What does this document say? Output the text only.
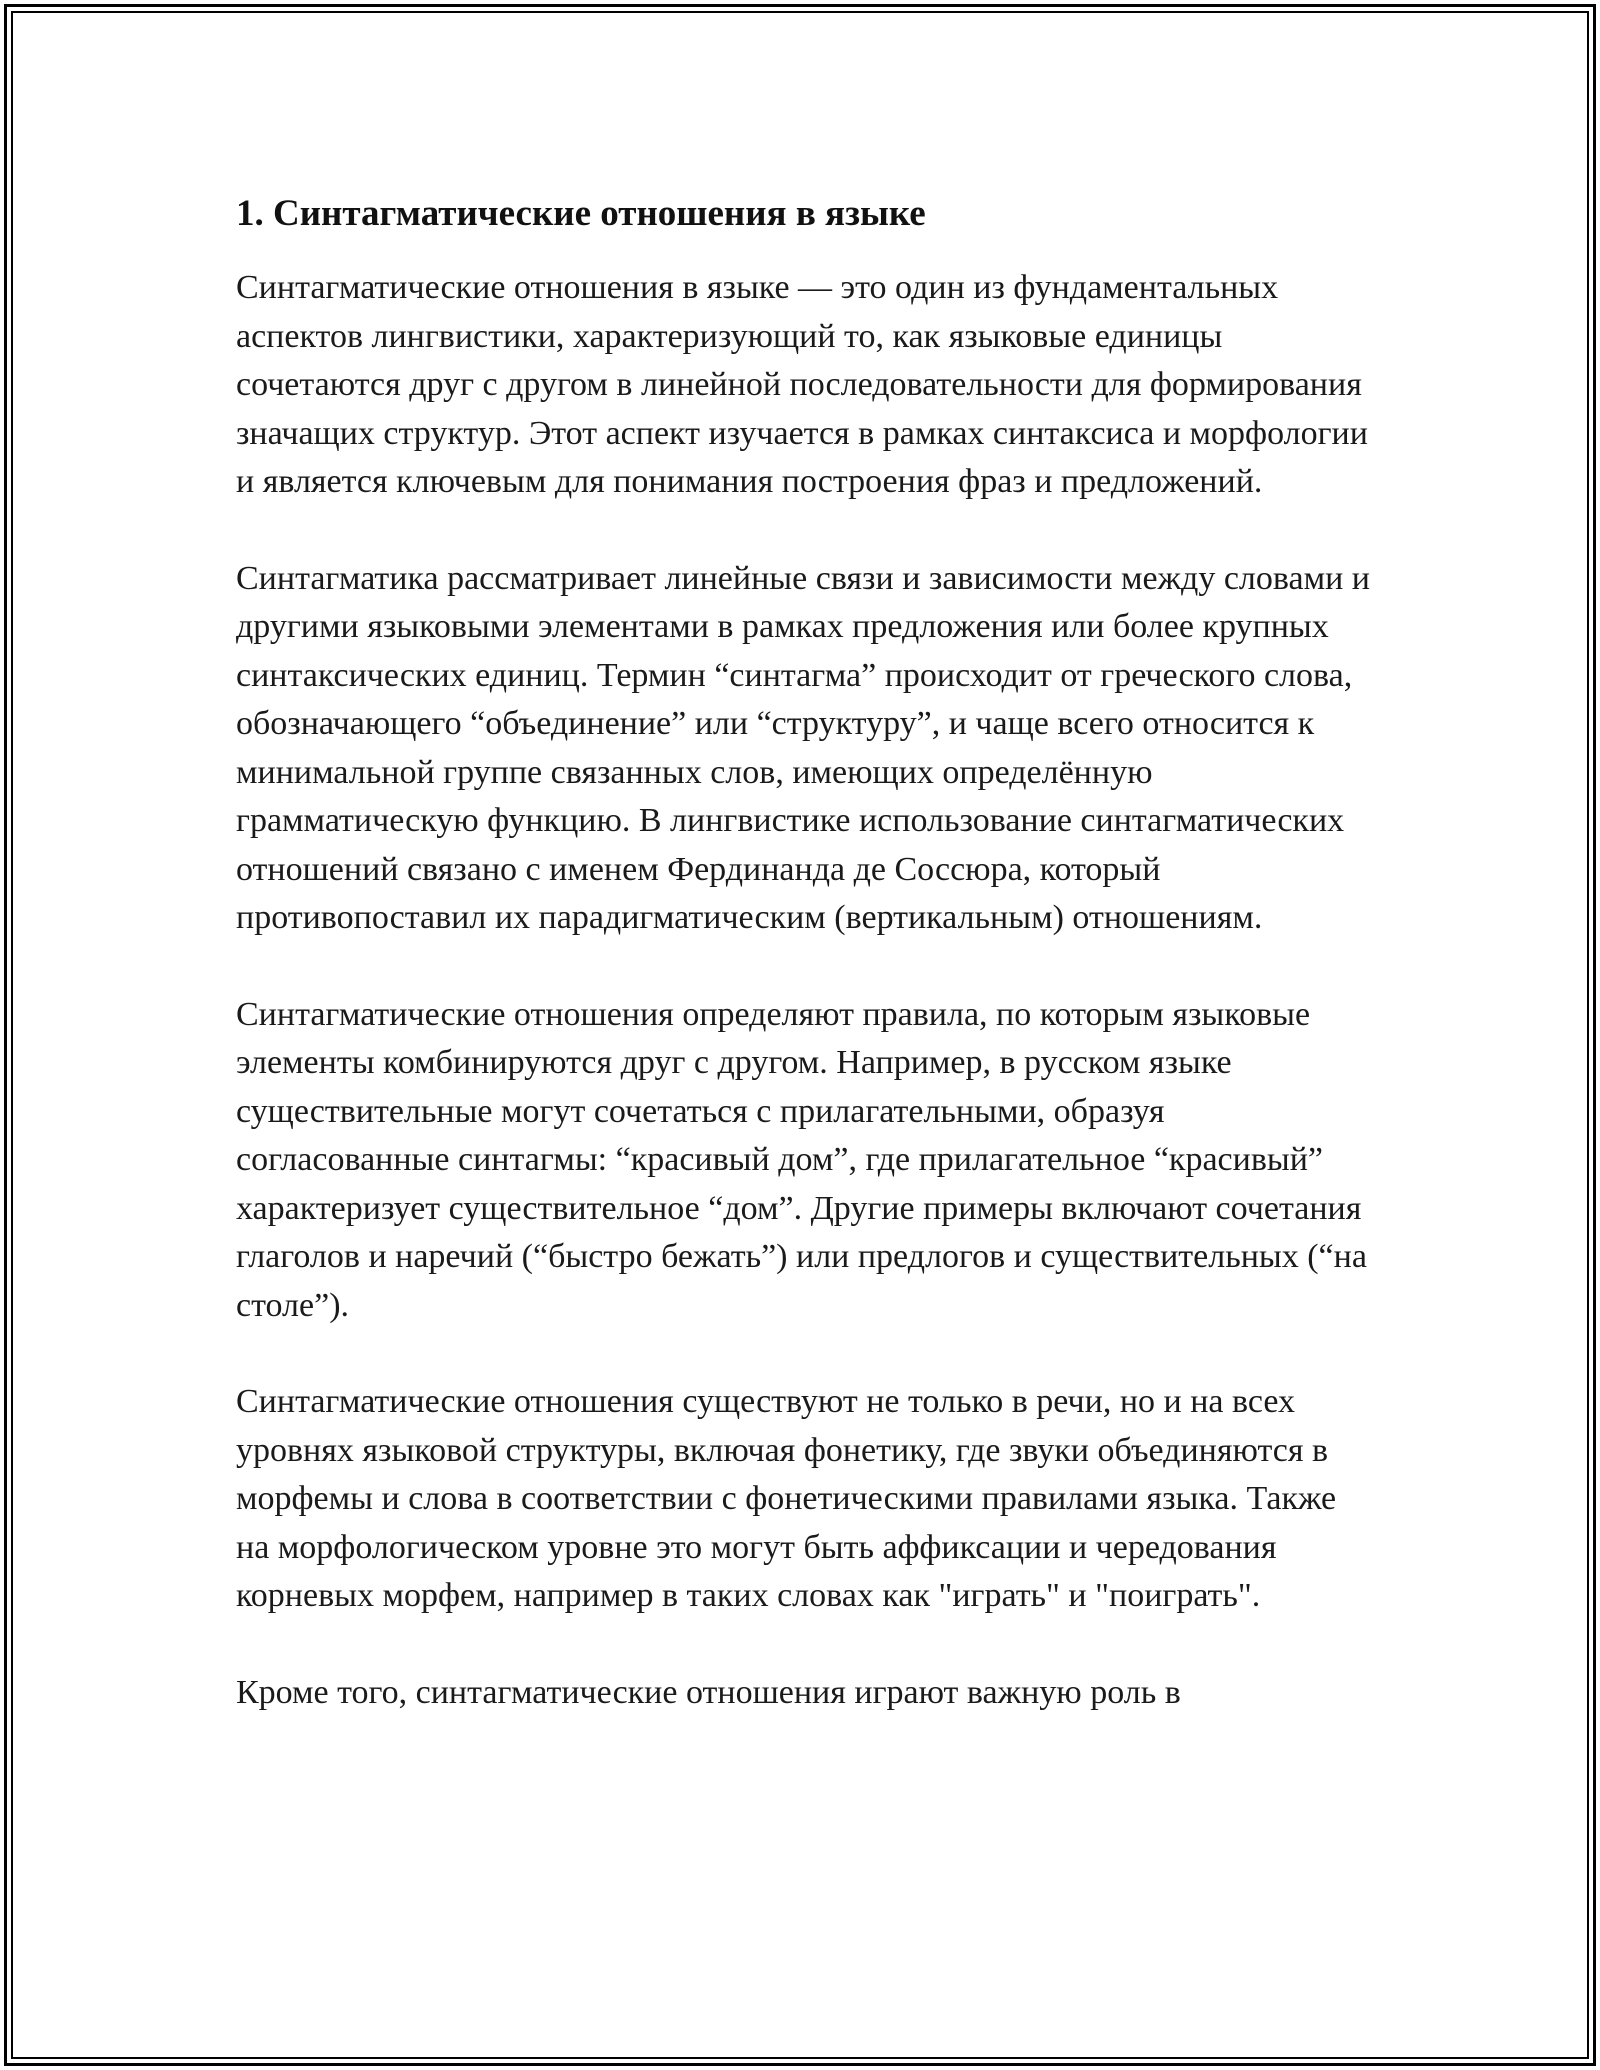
1. Синтагматические отношения в языке

Синтагматические отношения в языке — это один из фундаментальных аспектов лингвистики, характеризующий то, как языковые единицы сочетаются друг с другом в линейной последовательности для формирования значащих структур. Этот аспект изучается в рамках синтаксиса и морфологии и является ключевым для понимания построения фраз и предложений.

Синтагматика рассматривает линейные связи и зависимости между словами и другими языковыми элементами в рамках предложения или более крупных синтаксических единиц. Термин “синтагма” происходит от греческого слова, обозначающего “объединение” или “структуру”, и чаще всего относится к минимальной группе связанных слов, имеющих определённую грамматическую функцию. В лингвистике использование синтагматических отношений связано с именем Фердинанда де Соссюра, который противопоставил их парадигматическим (вертикальным) отношениям.

Синтагматические отношения определяют правила, по которым языковые элементы комбинируются друг с другом. Например, в русском языке существительные могут сочетаться с прилагательными, образуя согласованные синтагмы: “красивый дом”, где прилагательное “красивый” характеризует существительное “дом”. Другие примеры включают сочетания глаголов и наречий (“быстро бежать”) или предлогов и существительных (“на столе”).

Синтагматические отношения существуют не только в речи, но и на всех уровнях языковой структуры, включая фонетику, где звуки объединяются в морфемы и слова в соответствии с фонетическими правилами языка. Также на морфологическом уровне это могут быть аффиксации и чередования корневых морфем, например в таких словах как "играть" и "поиграть".

Кроме того, синтагматические отношения играют важную роль в
